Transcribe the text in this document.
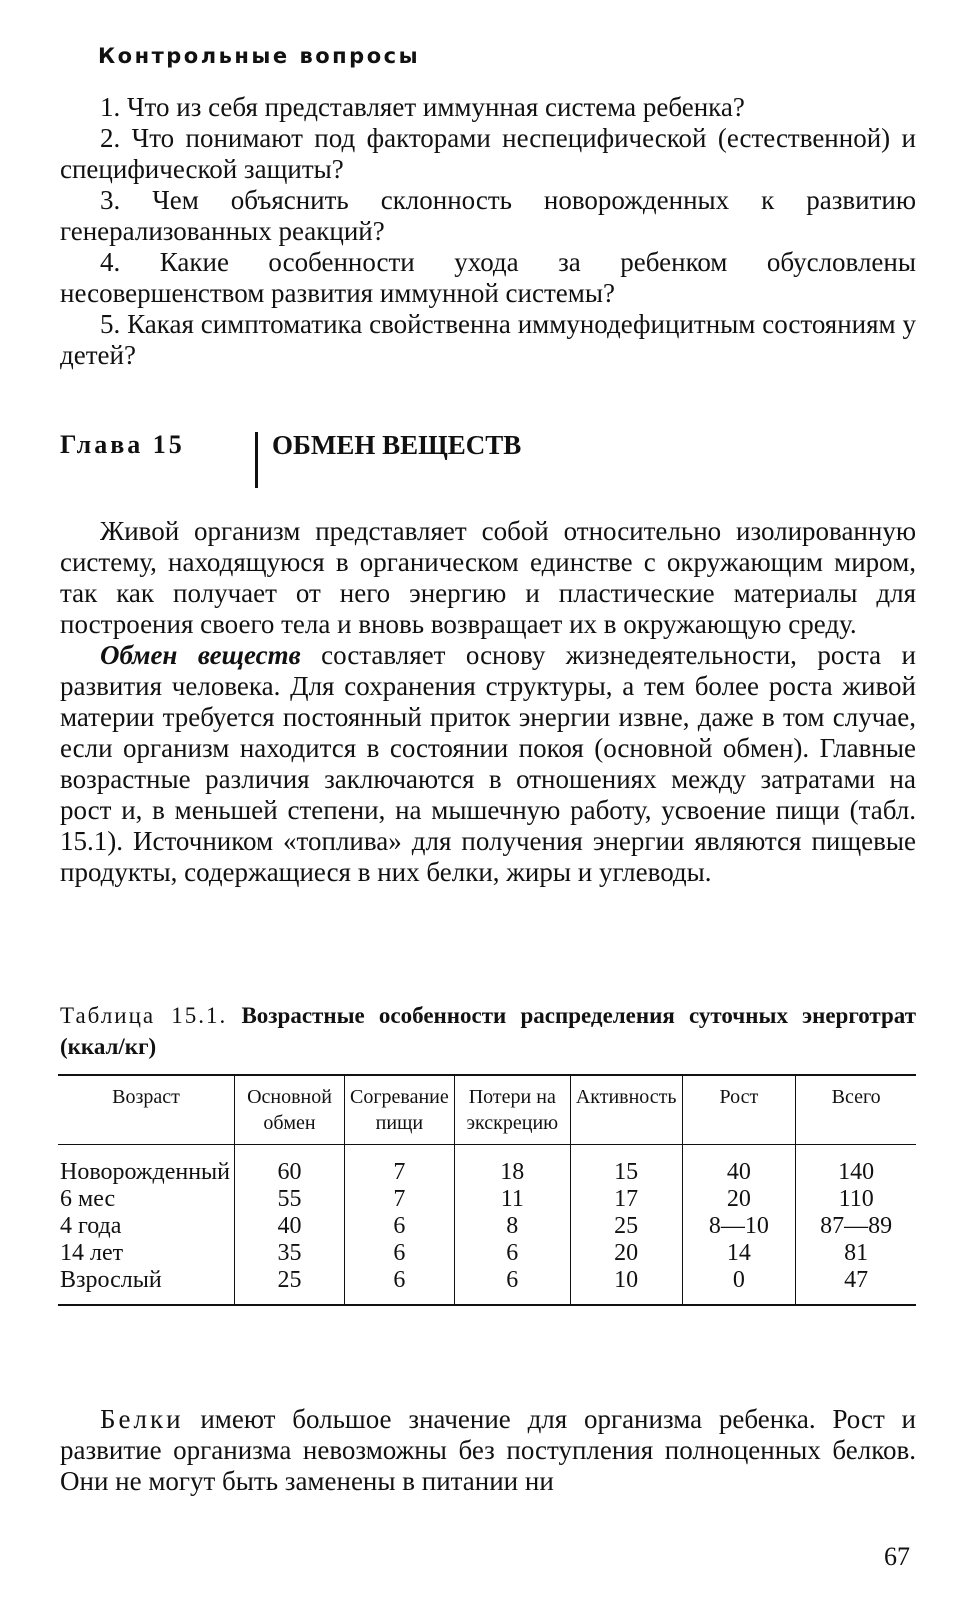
Контрольные вопросы

1. Что из себя представляет иммунная система ребенка?

2. Что понимают под факторами неспецифической (естественной) и специфической защиты?

3. Чем объяснить склонность новорожденных к развитию генерализованных реакций?

4. Какие особенности ухода за ребенком обусловлены несовершенством развития иммунной системы?

5. Какая симптоматика свойственна иммунодефицитным состояниям у детей?

Глава 15	ОБМЕН ВЕЩЕСТВ

Живой организм представляет собой относительно изолированную систему, находящуюся в органическом единстве с окружающим миром, так как получает от него энергию и пластические материалы для построения своего тела и вновь возвращает их в окружающую среду.

Обмен веществ составляет основу жизнедеятельности, роста и развития человека. Для сохранения структуры, а тем более роста живой материи требуется постоянный приток энергии извне, даже в том случае, если организм находится в состоянии покоя (основной обмен). Главные возрастные различия заключаются в отношениях между затратами на рост и, в меньшей степени, на мышечную работу, усвоение пищи (табл. 15.1). Источником «топлива» для получения энергии являются пищевые продукты, содержащиеся в них белки, жиры и углеводы.

Таблица 15.1. Возрастные особенности распределения суточных энерготрат (ккал/кг)
Возраст	Основной обмен	Согревание пищи	Потери на экскрецию	Активность	Рост	Всего
Новорожденный	60	7	18	15	40	140
6 мес	55	7	11	17	20	110
4 года	40	6	8	25	8—10	87—89
14 лет	35	6	6	20	14	81
Взрослый	25	6	6	10	0	47

Белки имеют большое значение для организма ребенка. Рост и развитие организма невозможны без поступления полноценных белков. Они не могут быть заменены в питании ни

67
